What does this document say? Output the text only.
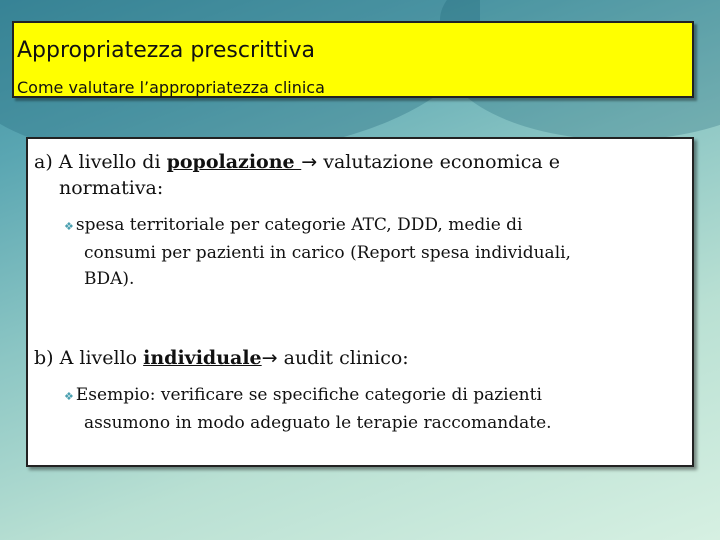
Appropriatezza prescrittiva
Come valutare l’appropriatezza clinica
a) A livello di popolazione → valutazione economica e
normativa:
❖ spesa territoriale per categorie ATC, DDD, medie di
consumi per pazienti in carico (Report spesa individuali,
BDA).
b) A livello individuale→ audit clinico:
❖ Esempio: verificare se specifiche categorie di pazienti
assumono in modo adeguato le terapie raccomandate.
